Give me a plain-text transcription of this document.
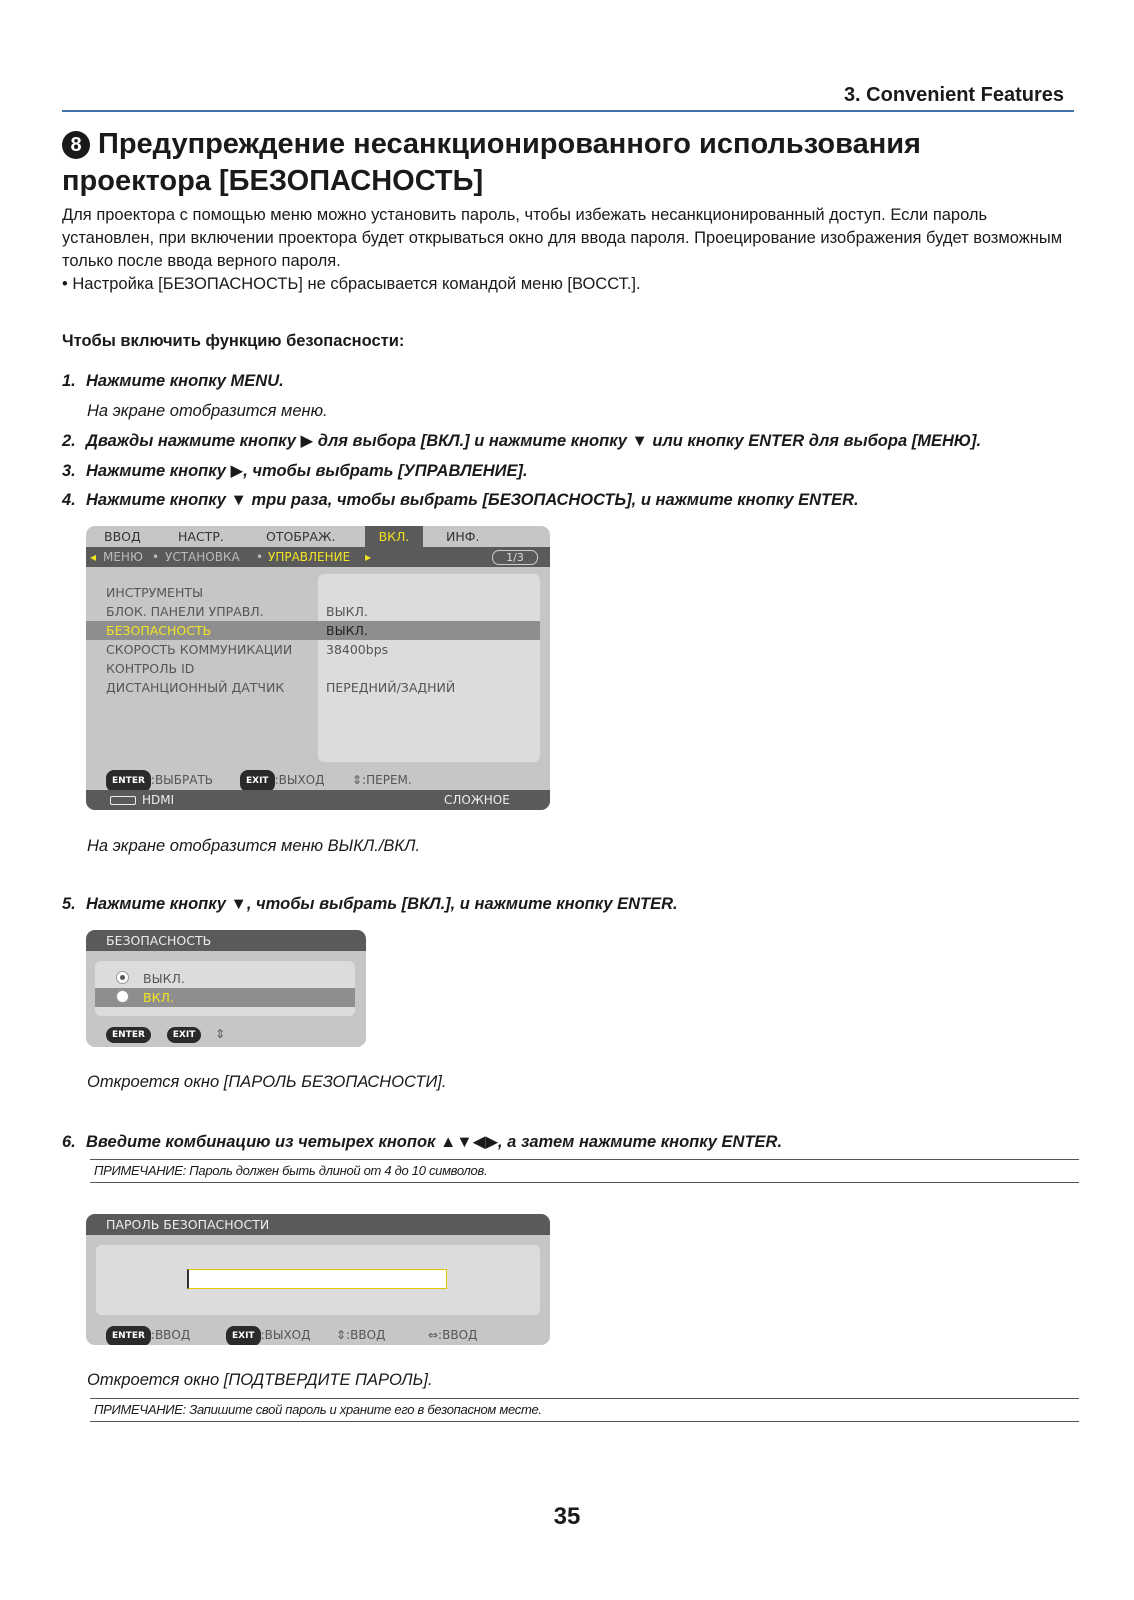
3. Convenient Features
8 Предупреждение несанкционированного использования проектора [БЕЗОПАСНОСТЬ]

Для проектора с помощью меню можно установить пароль, чтобы избежать несанкционированный доступ. Если пароль установлен, при включении проектора будет открываться окно для ввода пароля. Проецирование изображения будет возможным только после ввода верного пароля.

• Настройка [БЕЗОПАСНОСТЬ] не сбрасывается командой меню [ВОССТ.].

Чтобы включить функцию безопасности:
1. Нажмите кнопку MENU.
На экране отобразится меню.
2. Дважды нажмите кнопку ▶ для выбора [ВКЛ.] и нажмите кнопку ▼ или кнопку ENTER для выбора [МЕНЮ].
3. Нажмите кнопку ▶, чтобы выбрать [УПРАВЛЕНИЕ].
4. Нажмите кнопку ▼ три раза, чтобы выбрать [БЕЗОПАСНОСТЬ], и нажмите кнопку ENTER.
ВВОД	НАСТР.	ОТОБРАЖ.	ВКЛ.	ИНФ.
◂ МЕНЮ • УСТАНОВКА • УПРАВЛЕНИЕ ▸	1/3
ИНСТРУМЕНТЫ
БЛОК. ПАНЕЛИ УПРАВЛ.	ВЫКЛ.
БЕЗОПАСНОСТЬ	ВЫКЛ.
СКОРОСТЬ КОММУНИКАЦИИ	38400bps
КОНТРОЛЬ ID
ДИСТАНЦИОННЫЙ ДАТЧИК	ПЕРЕДНИЙ/ЗАДНИЙ
ENTER :ВЫБРАТЬ	EXIT :ВЫХОД ⇕:ПЕРЕМ.
HDMI	СЛОЖНОЕ
На экране отобразится меню ВЫКЛ./ВКЛ.
5. Нажмите кнопку ▼, чтобы выбрать [ВКЛ.], и нажмите кнопку ENTER.
БЕЗОПАСНОСТЬ
ВЫКЛ.
ВКЛ.
ENTER	EXIT ⇕
Откроется окно [ПАРОЛЬ БЕЗОПАСНОСТИ].
6. Введите комбинацию из четырех кнопок ▲▼◀▶, а затем нажмите кнопку ENTER.
ПРИМЕЧАНИЕ: Пароль должен быть длиной от 4 до 10 символов.
ПАРОЛЬ БЕЗОПАСНОСТИ
ENTER :ВВОД	EXIT :ВЫХОД ⇕:ВВОД	⇔:ВВОД
Откроется окно [ПОДТВЕРДИТЕ ПАРОЛЬ].
ПРИМЕЧАНИЕ: Запишите свой пароль и храните его в безопасном месте.
35
